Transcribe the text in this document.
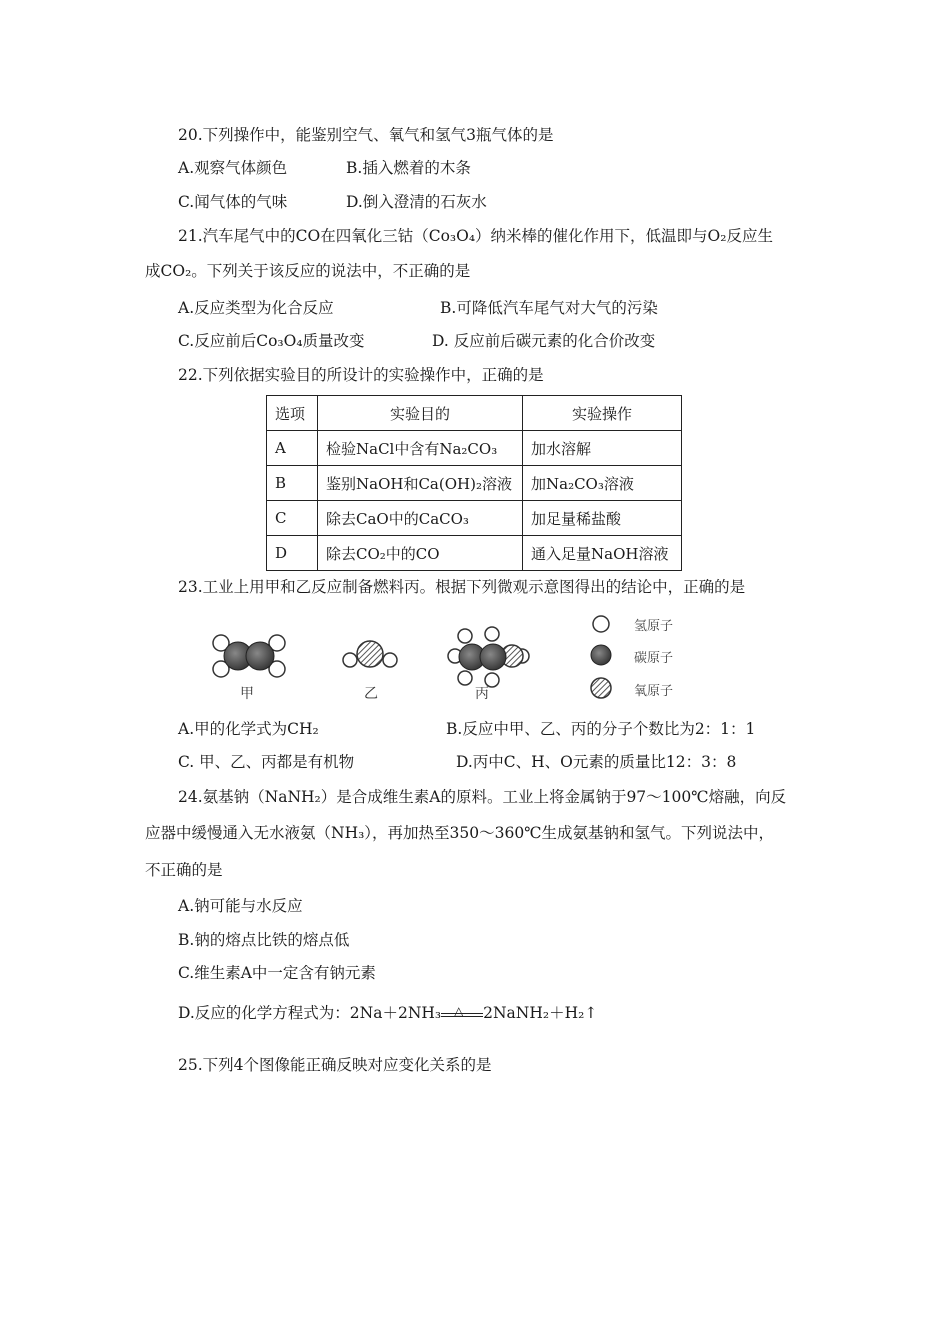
20.下列操作中，能鉴别空气、氧气和氢气3瓶气体的是
A.观察气体颜色	B.插入燃着的木条
C.闻气体的气味	D.倒入澄清的石灰水
21.汽车尾气中的CO在四氧化三钴（Co₃O₄）纳米棒的催化作用下，低温即与O₂反应生
成CO₂。下列关于该反应的说法中，不正确的是
A.反应类型为化合反应	B.可降低汽车尾气对大气的污染
C.反应前后Co₃O₄质量改变	D. 反应前后碳元素的化合价改变
22.下列依据实验目的所设计的实验操作中，正确的是
选项	实验目的	实验操作
A	检验NaCl中含有Na₂CO₃	加水溶解
B	鉴别NaOH和Ca(OH)₂溶液	加Na₂CO₃溶液
C	除去CaO中的CaCO₃	加足量稀盐酸
D	除去CO₂中的CO	通入足量NaOH溶液
23.工业上用甲和乙反应制备燃料丙。根据下列微观示意图得出的结论中，正确的是
甲	乙	丙
氢原子
碳原子
氧原子
A.甲的化学式为CH₂	B.反应中甲、乙、丙的分子个数比为2：1：1
C. 甲、乙、丙都是有机物	D.丙中C、H、O元素的质量比12：3：8
24.氨基钠（NaNH₂）是合成维生素A的原料。工业上将金属钠于97～100℃熔融，向反
应器中缓慢通入无水液氨（NH₃），再加热至350～360℃生成氨基钠和氢气。下列说法中，
不正确的是
A.钠可能与水反应
B.钠的熔点比铁的熔点低
C.维生素A中一定含有钠元素
D.反应的化学方程式为：2Na＋2NH₃ △ 2NaNH₂＋H₂↑
25.下列4个图像能正确反映对应变化关系的是
